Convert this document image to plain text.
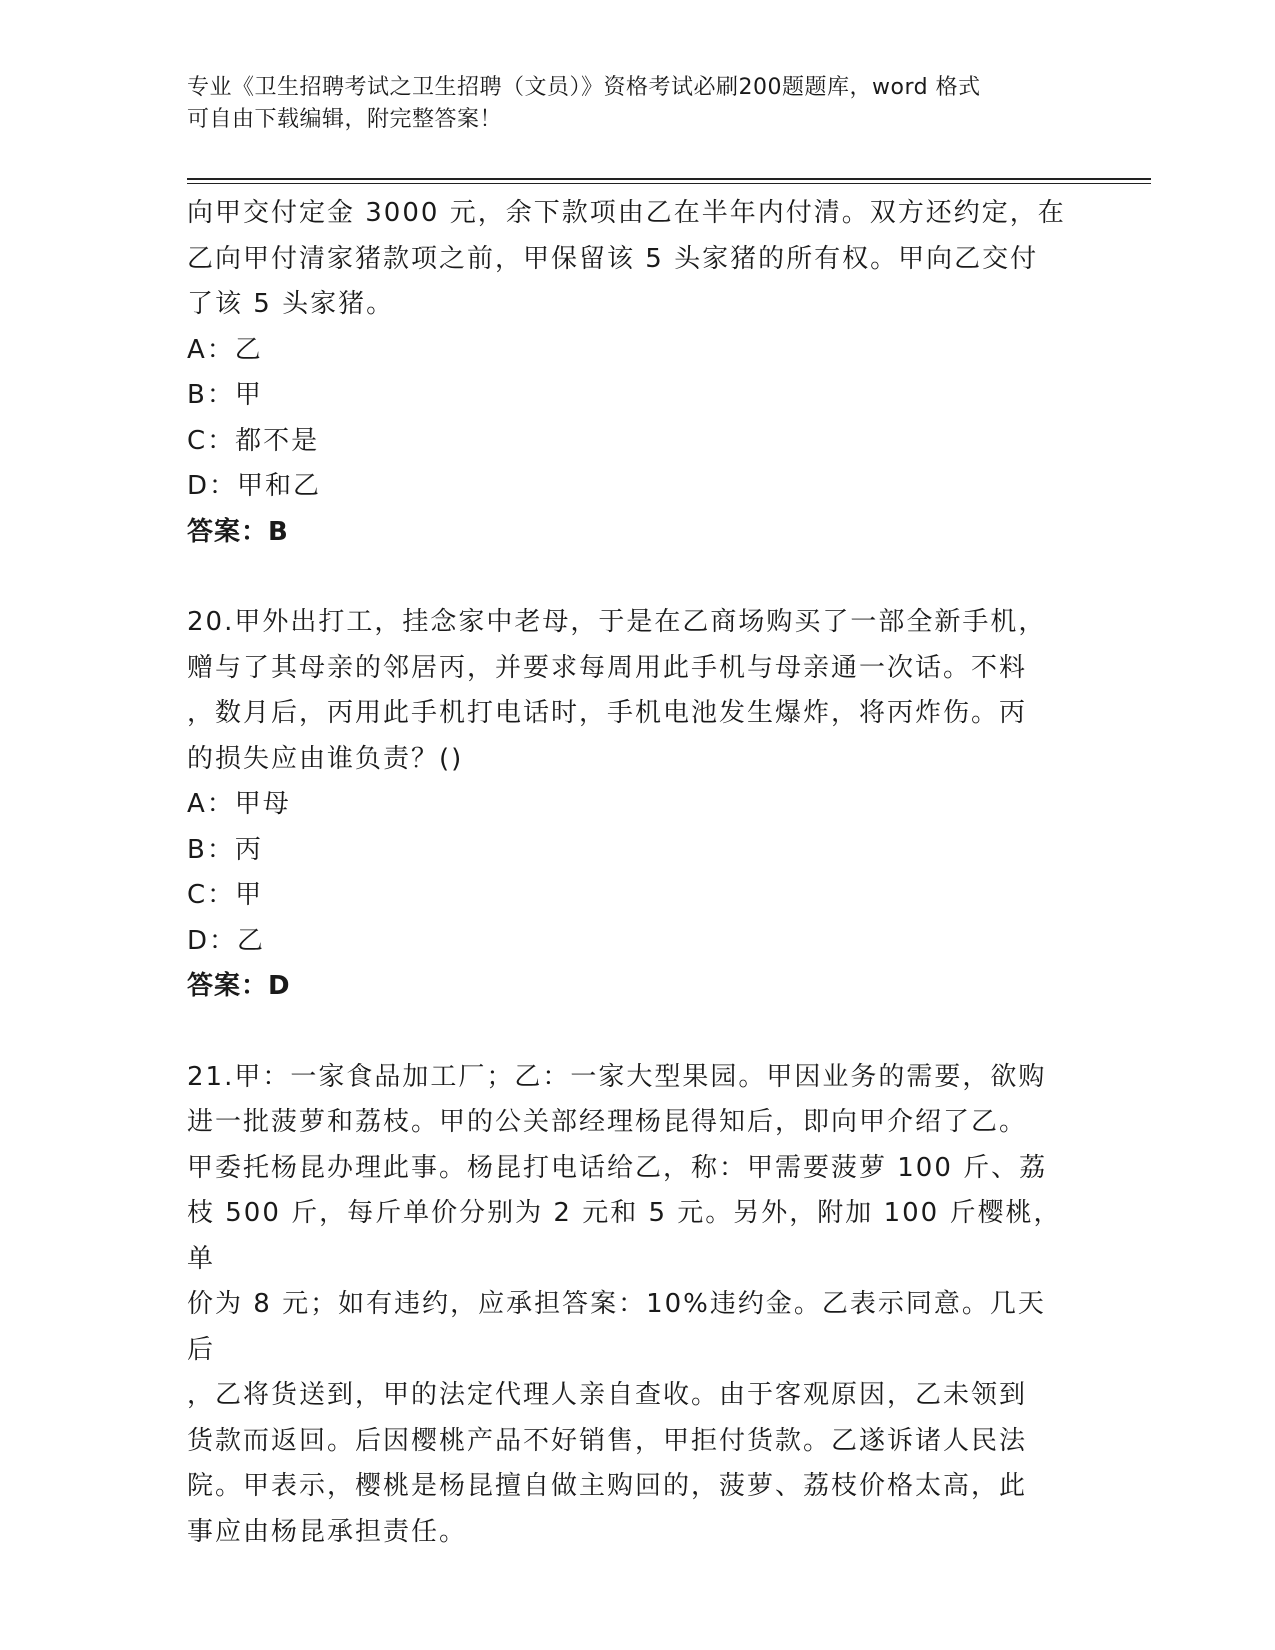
专业《卫生招聘考试之卫生招聘（文员）》资格考试必刷200题题库，word 格式
可自由下载编辑，附完整答案！

向甲交付定金 3000 元，余下款项由乙在半年内付清。双方还约定，在

乙向甲付清家猪款项之前，甲保留该 5 头家猪的所有权。甲向乙交付

了该 5 头家猪。

A：乙

B：甲

C：都不是

D：甲和乙

答案：B

20.甲外出打工，挂念家中老母，于是在乙商场购买了一部全新手机，

赠与了其母亲的邻居丙，并要求每周用此手机与母亲通一次话。不料

，数月后，丙用此手机打电话时，手机电池发生爆炸，将丙炸伤。丙

的损失应由谁负责？()

A：甲母

B：丙

C：甲

D：乙

答案：D

21.甲：一家食品加工厂；乙：一家大型果园。甲因业务的需要，欲购

进一批菠萝和荔枝。甲的公关部经理杨昆得知后，即向甲介绍了乙。

甲委托杨昆办理此事。杨昆打电话给乙，称：甲需要菠萝 100 斤、荔

枝 500 斤，每斤单价分别为 2 元和 5 元。另外，附加 100 斤樱桃，单

价为 8 元；如有违约，应承担答案：10%违约金。乙表示同意。几天后

，乙将货送到，甲的法定代理人亲自查收。由于客观原因，乙未领到

货款而返回。后因樱桃产品不好销售，甲拒付货款。乙遂诉诸人民法

院。甲表示，樱桃是杨昆擅自做主购回的，菠萝、荔枝价格太高，此

事应由杨昆承担责任。
